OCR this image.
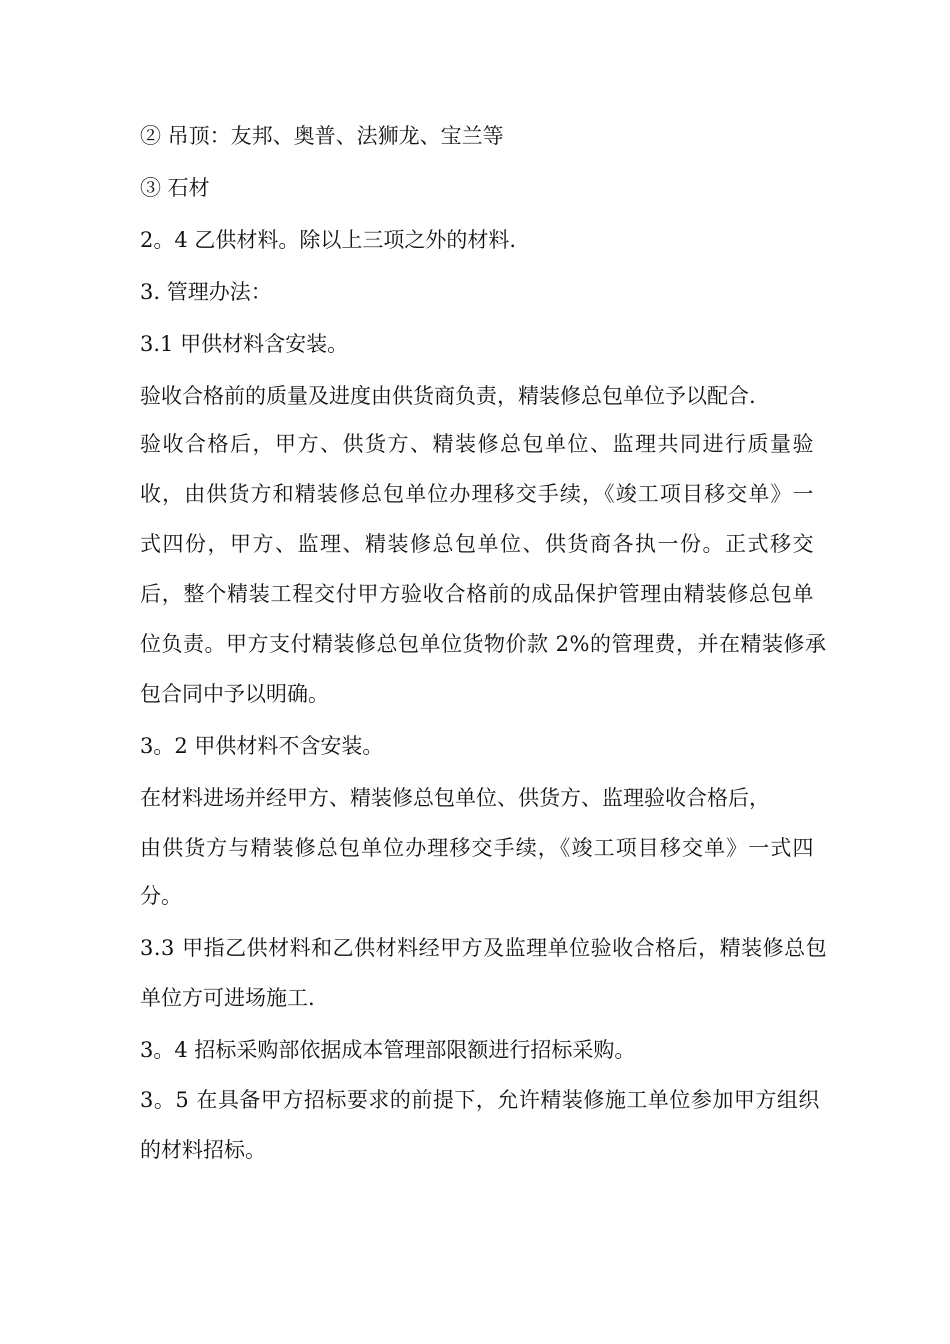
② 吊顶：友邦、奥普、法狮龙、宝兰等
③ 石材
2。4 乙供材料。除以上三项之外的材料.
3. 管理办法：
3.1 甲供材料含安装。
验收合格前的质量及进度由供货商负责，精装修总包单位予以配合.
验收合格后，甲方、供货方、精装修总包单位、监理共同进行质量验
收，由供货方和精装修总包单位办理移交手续，《竣工项目移交单》一
式四份，甲方、监理、精装修总包单位、供货商各执一份。正式移交
后，整个精装工程交付甲方验收合格前的成品保护管理由精装修总包单
位负责。甲方支付精装修总包单位货物价款 2%的管理费，并在精装修承
包合同中予以明确。
3。2 甲供材料不含安装。
在材料进场并经甲方、精装修总包单位、供货方、监理验收合格后，
由供货方与精装修总包单位办理移交手续，《竣工项目移交单》一式四
分。
3.3 甲指乙供材料和乙供材料经甲方及监理单位验收合格后，精装修总包
单位方可进场施工.
3。4 招标采购部依据成本管理部限额进行招标采购。
3。5 在具备甲方招标要求的前提下，允许精装修施工单位参加甲方组织
的材料招标。
